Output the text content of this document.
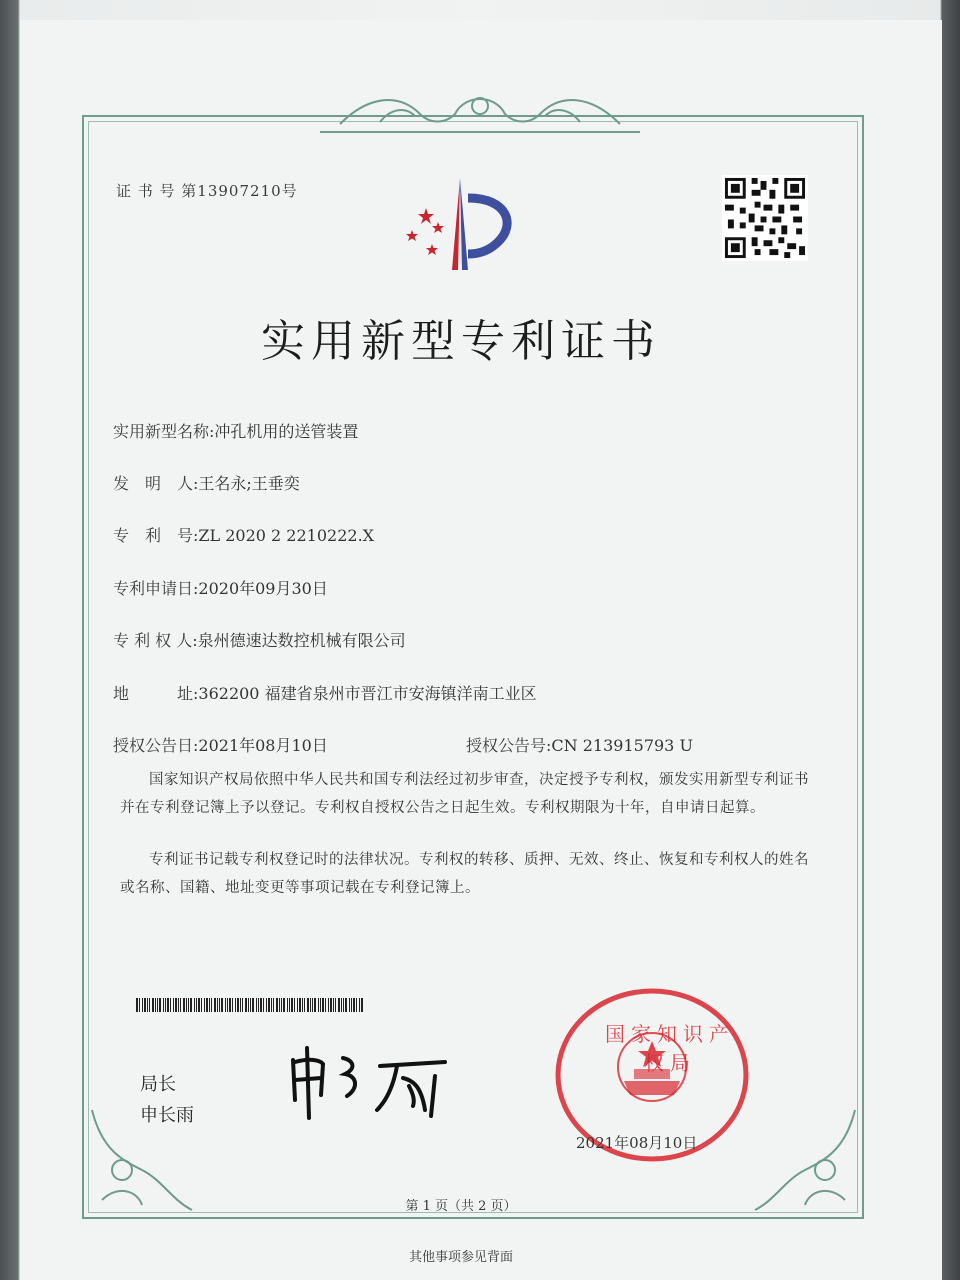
证 书 号 第13907210号
实用新型专利证书
实用新型名称:冲孔机用的送管装置
发　明　人:王名永;王垂奕
专　利　号:ZL 2020 2 2210222.X
专利申请日:2020年09月30日
专 利 权 人:泉州德速达数控机械有限公司
地　　　址:362200 福建省泉州市晋江市安海镇洋南工业区
授权公告日:2021年08月10日	授权公告号:CN 213915793 U
国家知识产权局依照中华人民共和国专利法经过初步审查，决定授予专利权，颁发实用新型专利证书并在专利登记簿上予以登记。专利权自授权公告之日起生效。专利权期限为十年，自申请日起算。
专利证书记载专利权登记时的法律状况。专利权的转移、质押、无效、终止、恢复和专利权人的姓名或名称、国籍、地址变更等事项记载在专利登记簿上。
局长
申长雨
国家知识产权局
2021年08月10日
第 1 页（共 2 页）
其他事项参见背面
